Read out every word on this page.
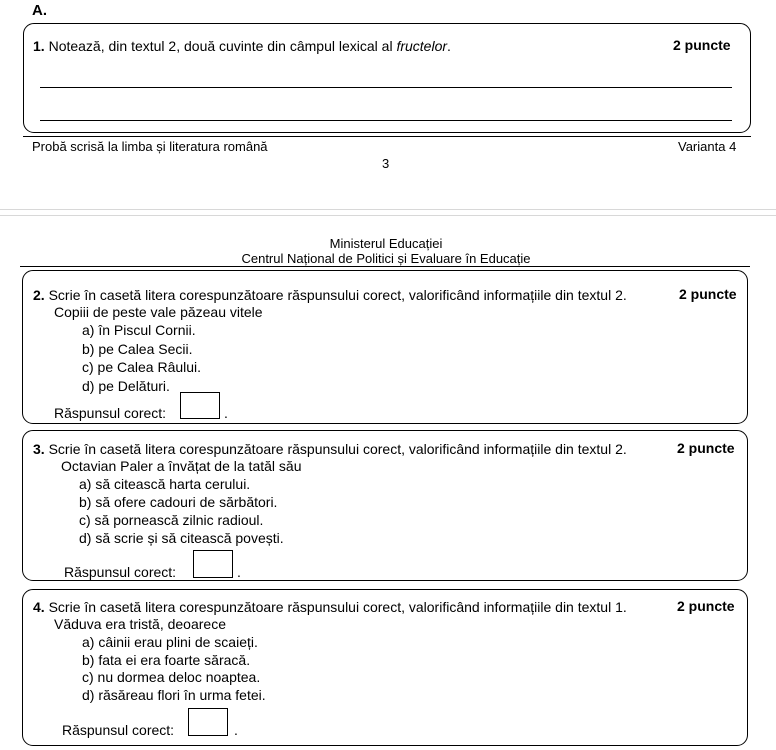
A.
1. Notează, din textul 2, două cuvinte din câmpul lexical al fructelor.	2 puncte
Probă scrisă la limba și literatura română	Varianta 4
3
Ministerul Educației
Centrul Național de Politici și Evaluare în Educație
2. Scrie în casetă litera corespunzătoare răspunsului corect, valorificând informațiile din textul 2.	2 puncte
Copiii de peste vale păzeau vitele
a) în Piscul Cornii.
b) pe Calea Secii.
c) pe Calea Râului.
d) pe Delături.
Răspunsul corect:	.
3. Scrie în casetă litera corespunzătoare răspunsului corect, valorificând informațiile din textul 2.	2 puncte
Octavian Paler a învățat de la tatăl său
a) să citească harta cerului.
b) să ofere cadouri de sărbători.
c) să pornească zilnic radioul.
d) să scrie și să citească povești.
Răspunsul corect:	.
4. Scrie în casetă litera corespunzătoare răspunsului corect, valorificând informațiile din textul 1.	2 puncte
Văduva era tristă, deoarece
a) câinii erau plini de scaieți.
b) fata ei era foarte săracă.
c) nu dormea deloc noaptea.
d) răsăreau flori în urma fetei.
Răspunsul corect:	.
